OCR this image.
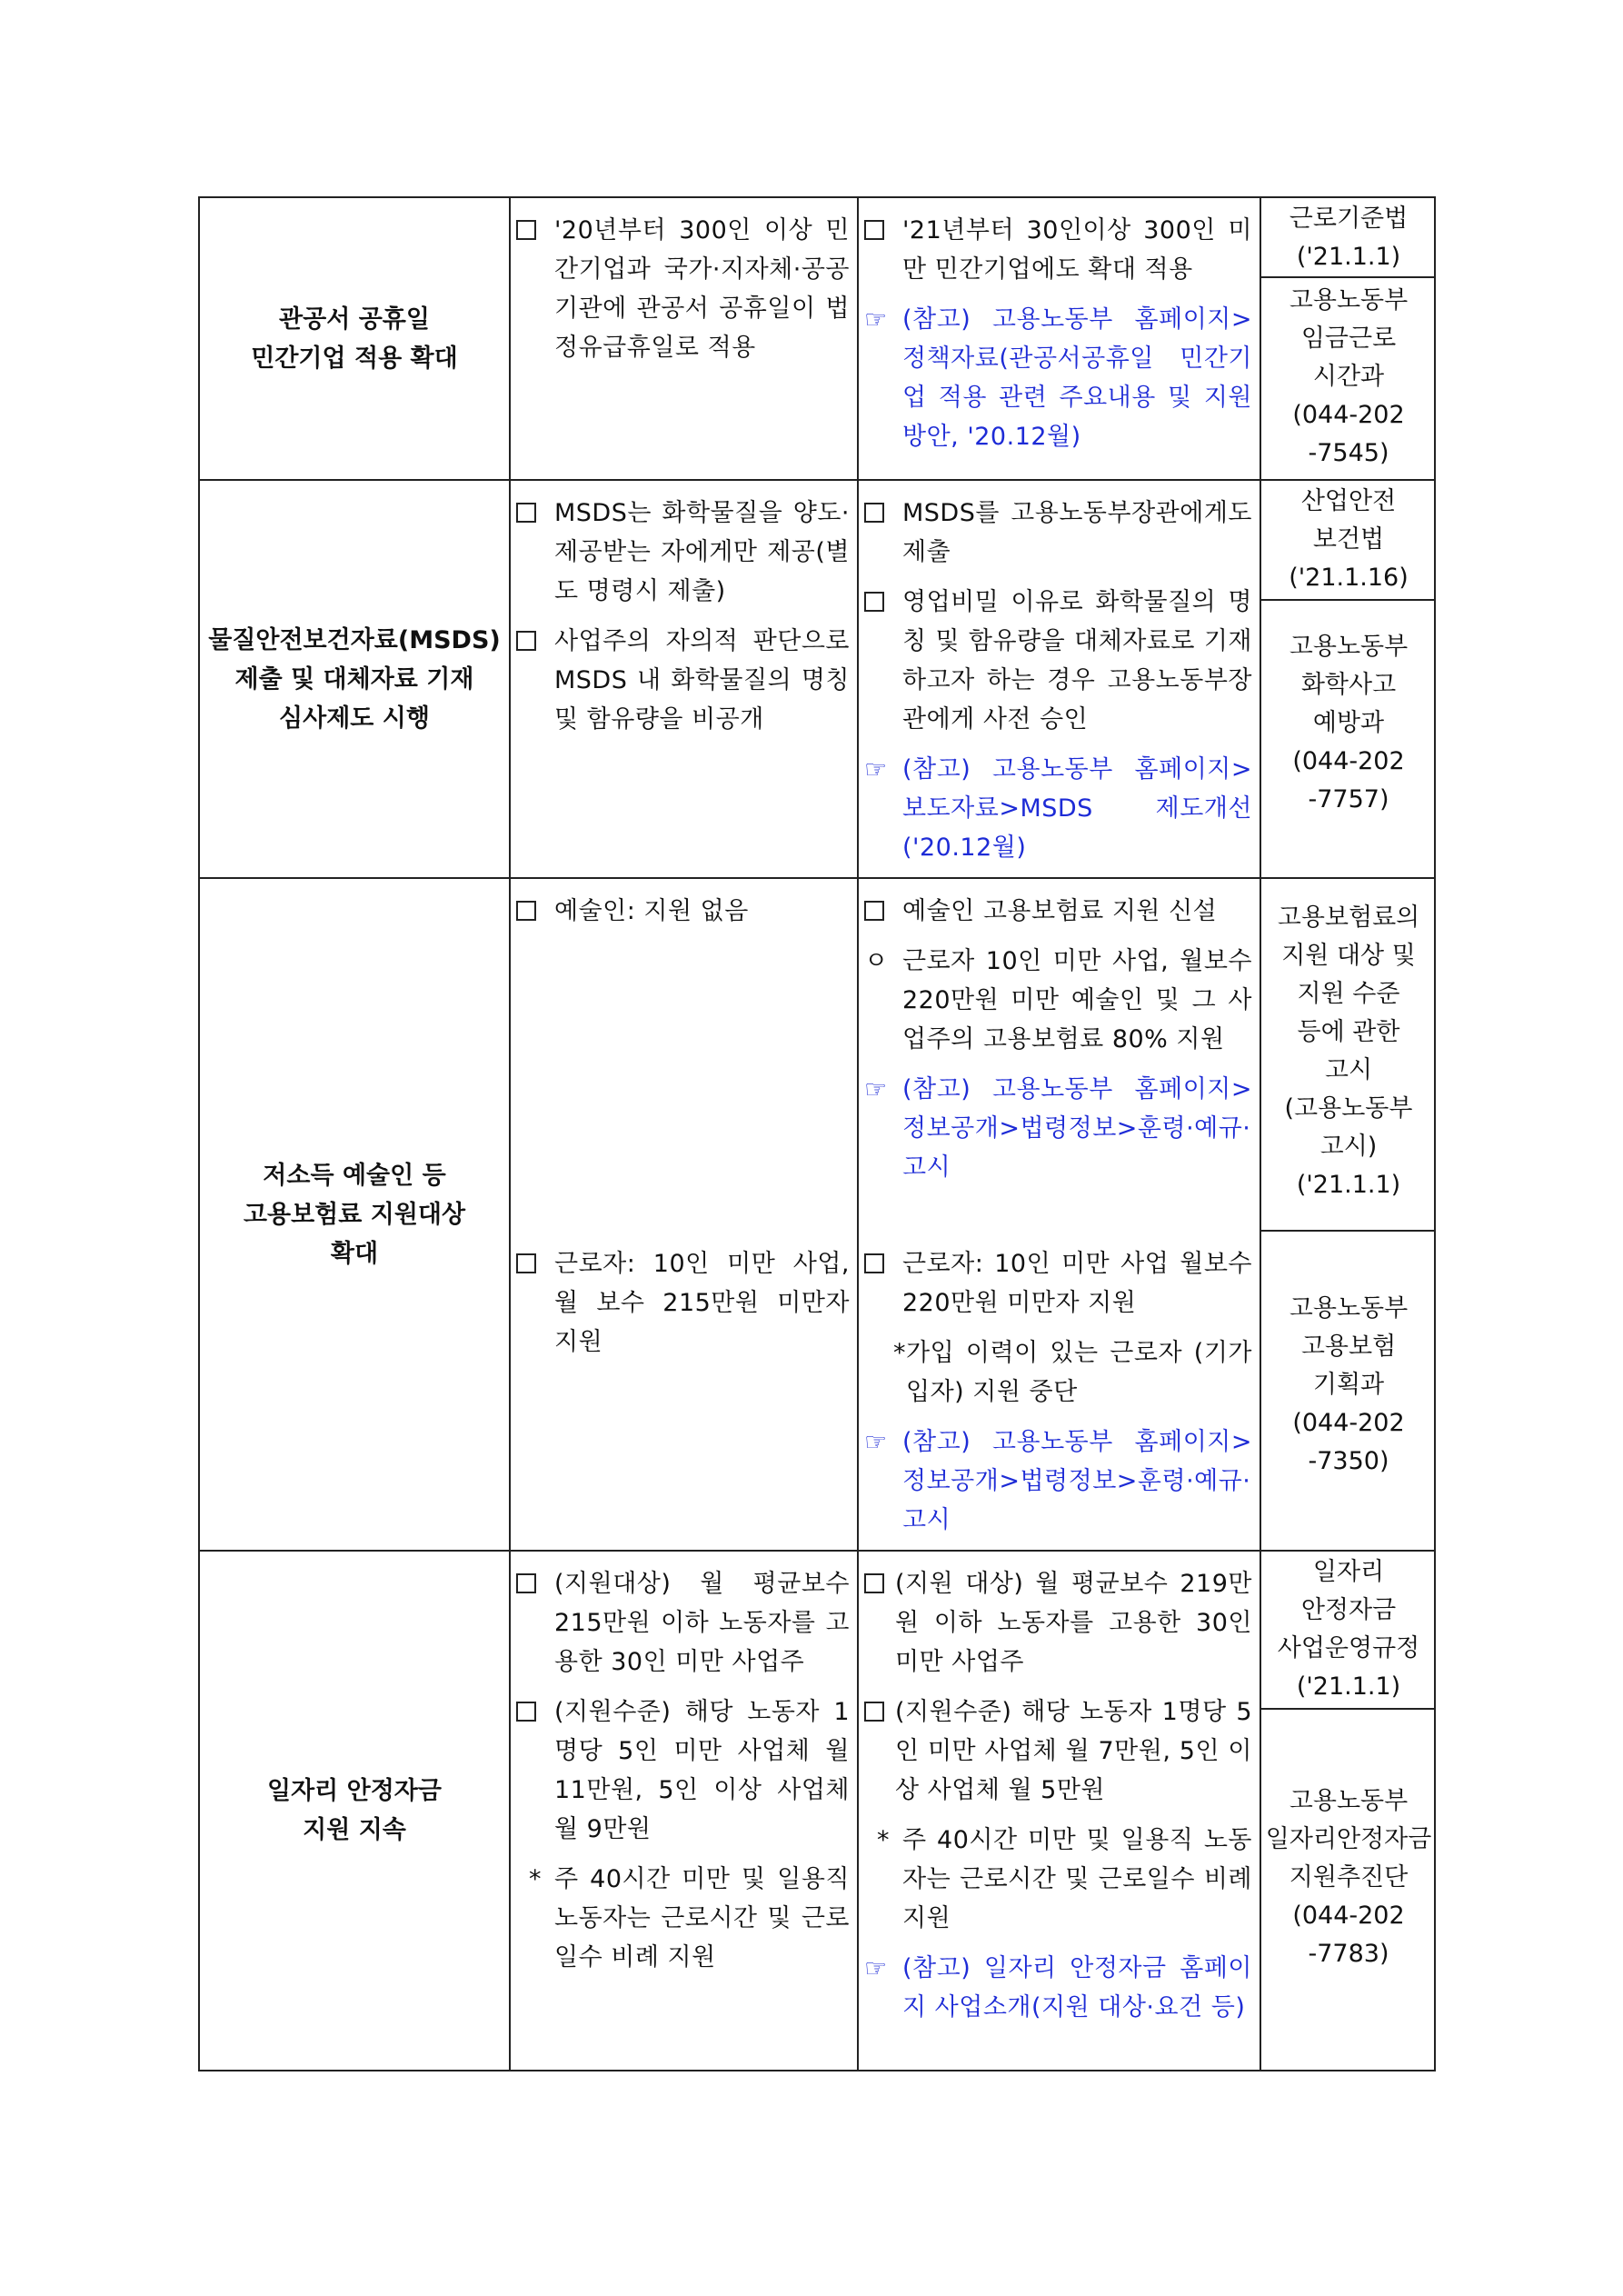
관공서 공휴일
민간기업 적용 확대
'20년부터 300인 이상 민간기업과 국가·지자체·공공기관에 관공서 공휴일이 법정유급휴일로 적용
'21년부터 30인이상 300인 미만 민간기업에도 확대 적용
☞ (참고) 고용노동부 홈페이지> 정책자료(관공서공휴일 민간기업 적용 관련 주요내용 및 지원방안, '20.12월)
근로기준법
('21.1.1)
고용노동부
임금근로
시간과
(044-202
-7545)
물질안전보건자료(MSDS)
제출 및 대체자료 기재
심사제도 시행
MSDS는 화학물질을 양도·제공받는 자에게만 제공(별도 명령시 제출)
사업주의 자의적 판단으로 MSDS 내 화학물질의 명칭 및 함유량을 비공개
MSDS를 고용노동부장관에게도 제출
영업비밀 이유로 화학물질의 명칭 및 함유량을 대체자료로 기재하고자 하는 경우 고용노동부장관에게 사전 승인
☞ (참고) 고용노동부 홈페이지> 보도자료>MSDS 제도개선 ('20.12월)
산업안전
보건법
('21.1.16)
고용노동부
화학사고
예방과
(044-202
-7757)
저소득 예술인 등
고용보험료 지원대상
확대
예술인: 지원 없음
근로자: 10인 미만 사업, 월 보수 215만원 미만자 지원
예술인 고용보험료 지원 신설
ㅇ 근로자 10인 미만 사업, 월보수 220만원 미만 예술인 및 그 사업주의 고용보험료 80% 지원
☞ (참고) 고용노동부 홈페이지> 정보공개>법령정보>훈령·예규·고시
근로자: 10인 미만 사업 월보수 220만원 미만자 지원
*가입 이력이 있는 근로자 (기가입자) 지원 중단
☞ (참고) 고용노동부 홈페이지> 정보공개>법령정보>훈령·예규·고시
고용보험료의
지원 대상 및
지원 수준
등에 관한
고시
(고용노동부
고시)
('21.1.1)
고용노동부
고용보험
기획과
(044-202
-7350)
일자리 안정자금
지원 지속
(지원대상) 월 평균보수 215만원 이하 노동자를 고용한 30인 미만 사업주
(지원수준) 해당 노동자 1명당 5인 미만 사업체 월 11만원, 5인 이상 사업체 월 9만원
* 주 40시간 미만 및 일용직 노동자는 근로시간 및 근로일수 비례 지원
(지원 대상) 월 평균보수 219만원 이하 노동자를 고용한 30인 미만 사업주
(지원수준) 해당 노동자 1명당 5인 미만 사업체 월 7만원, 5인 이상 사업체 월 5만원
* 주 40시간 미만 및 일용직 노동자는 근로시간 및 근로일수 비례 지원
☞ (참고) 일자리 안정자금 홈페이지 사업소개(지원 대상·요건 등)
일자리
안정자금
사업운영규정
('21.1.1)
고용노동부
일자리안정자금
지원추진단
(044-202
-7783)
